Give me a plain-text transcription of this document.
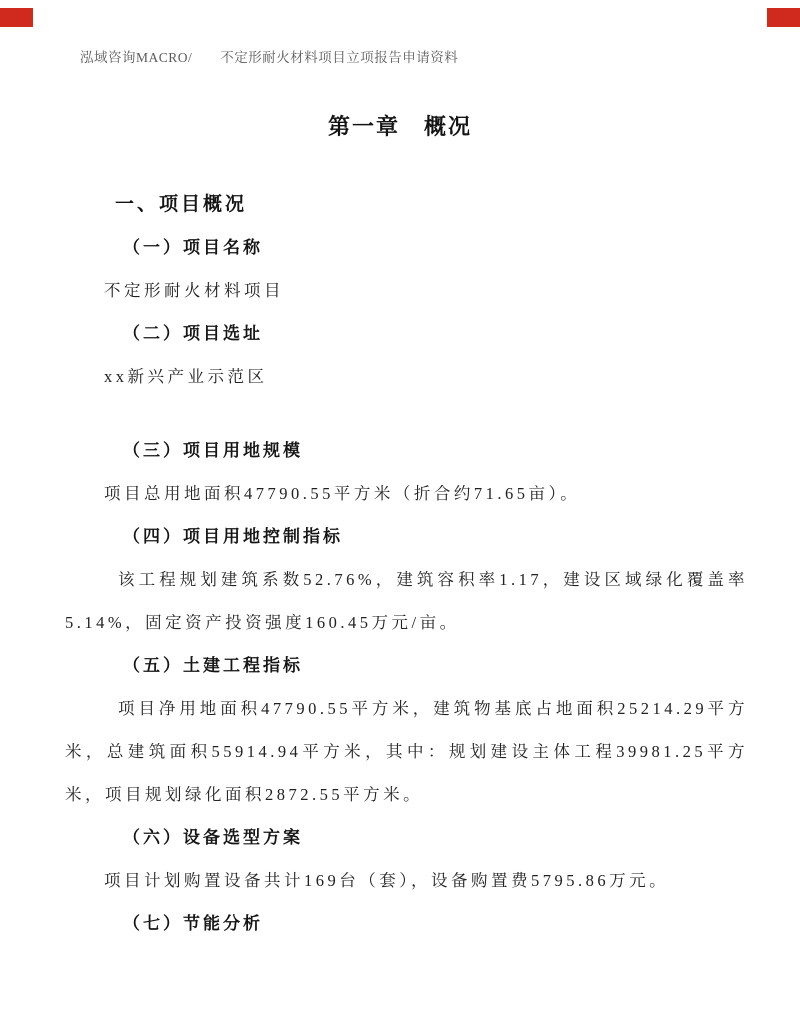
泓域咨询MACRO/ 不定形耐火材料项目立项报告申请资料
第一章　概况
一、项目概况
（一）项目名称
不定形耐火材料项目
（二）项目选址
xx新兴产业示范区
（三）项目用地规模
项目总用地面积47790.55平方米（折合约71.65亩）。
（四）项目用地控制指标
该工程规划建筑系数52.76%，建筑容积率1.17，建设区域绿化覆盖率5.14%，固定资产投资强度160.45万元/亩。
（五）土建工程指标
项目净用地面积47790.55平方米，建筑物基底占地面积25214.29平方米，总建筑面积55914.94平方米，其中：规划建设主体工程39981.25平方米，项目规划绿化面积2872.55平方米。
（六）设备选型方案
项目计划购置设备共计169台（套），设备购置费5795.86万元。
（七）节能分析
